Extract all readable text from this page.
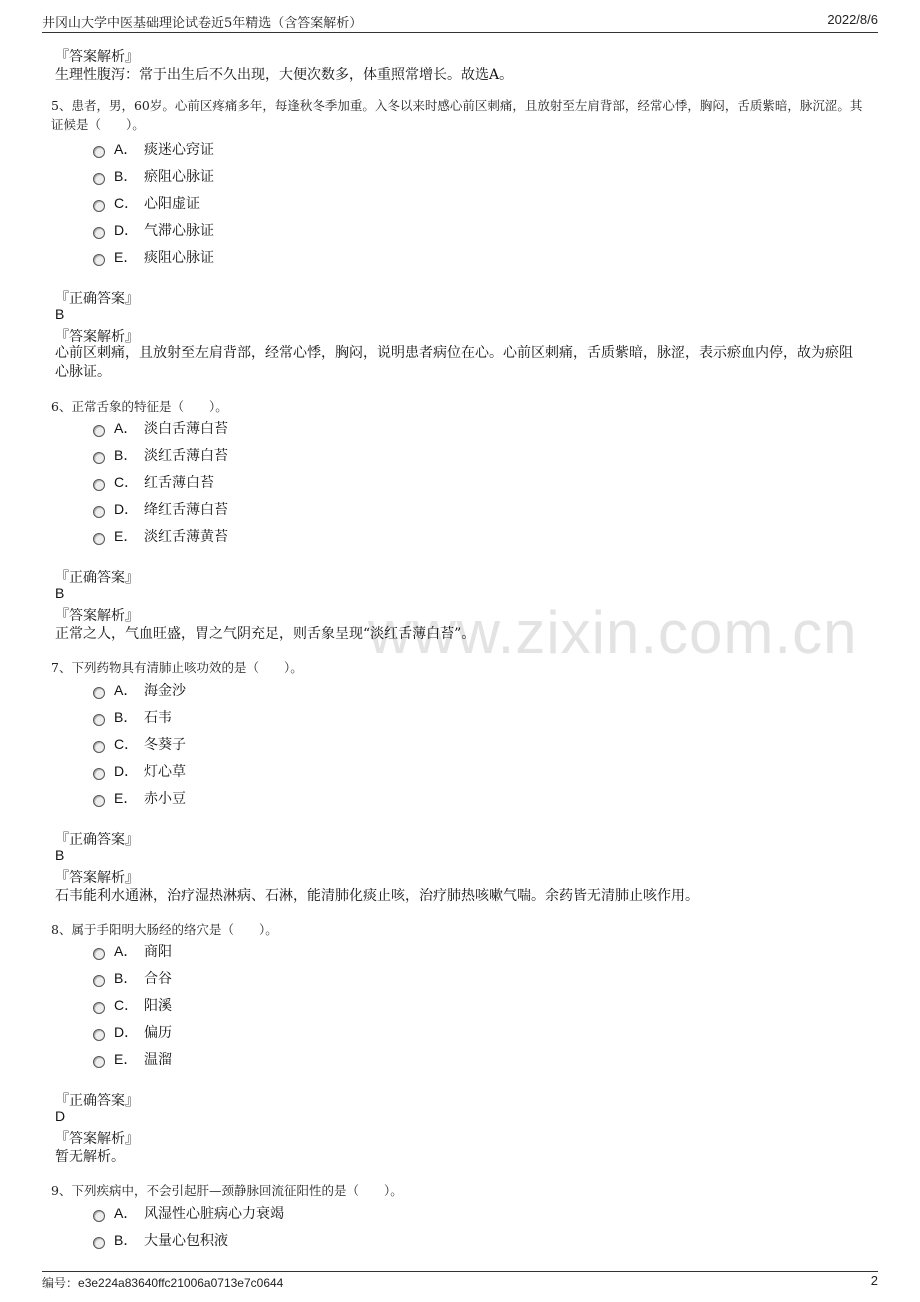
井冈山大学中医基础理论试卷近5年精选（含答案解析）	2022/8/6
www.zixin.com.cn
『答案解析』
生理性腹泻：常于出生后不久出现，大便次数多，体重照常增长。故选A。
5、患者，男，60岁。心前区疼痛多年，每逢秋冬季加重。入冬以来时感心前区刺痛，且放射至左肩背部，经常心悸，胸闷，舌质紫暗，脉沉涩。其证候是（　　）。
A． 痰迷心窍证
B． 瘀阻心脉证
C． 心阳虚证
D． 气滞心脉证
E． 痰阻心脉证
『正确答案』
B
『答案解析』
心前区刺痛，且放射至左肩背部，经常心悸，胸闷，说明患者病位在心。心前区刺痛，舌质紫暗，脉涩，表示瘀血内停，故为瘀阻心脉证。
6、正常舌象的特征是（　　）。
A． 淡白舌薄白苔
B． 淡红舌薄白苔
C． 红舌薄白苔
D． 绛红舌薄白苔
E． 淡红舌薄黄苔
『正确答案』
B
『答案解析』
正常之人，气血旺盛，胃之气阴充足，则舌象呈现“淡红舌薄白苔”。
7、下列药物具有清肺止咳功效的是（　　）。
A． 海金沙
B． 石韦
C． 冬葵子
D． 灯心草
E． 赤小豆
『正确答案』
B
『答案解析』
石韦能利水通淋，治疗湿热淋病、石淋，能清肺化痰止咳，治疗肺热咳嗽气喘。余药皆无清肺止咳作用。
8、属于手阳明大肠经的络穴是（　　）。
A． 商阳
B． 合谷
C． 阳溪
D． 偏历
E． 温溜
『正确答案』
D
『答案解析』
暂无解析。
9、下列疾病中，不会引起肝—颈静脉回流征阳性的是（　　）。
A． 风湿性心脏病心力衰竭
B． 大量心包积液
编号：e3e224a83640ffc21006a0713e7c0644	2
